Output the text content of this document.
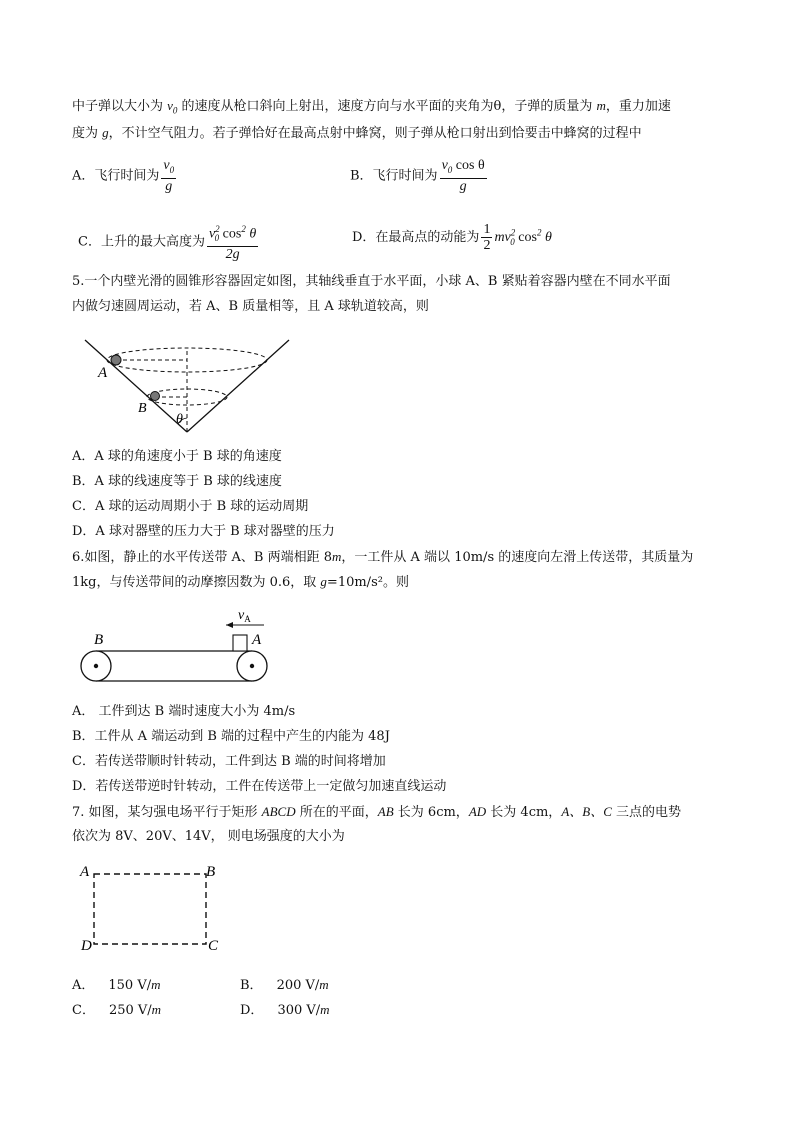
中子弹以大小为 $v_0$ 的速度从枪口斜向上射出，速度方向与水平面的夹角为θ，子弹的质量为 m，重力加速
度为 g，不计空气阻力。若子弹恰好在最高点射中蜂窝，则子弹从枪口射出到恰要击中蜂窝的过程中
A．飞行时间为 $\frac{v_0}{g}$	B．飞行时间为 $\frac{v_0 \cos \theta}{g}$
C．上升的最大高度为 $\frac{v^2_0 \cos^2 \theta}{2g}$	D．在最高点的动能为 $\frac{1}{2} mv^2_0$ $\cos^2 \theta$
5.一个内壁光滑的圆锥形容器固定如图，其轴线垂直于水平面，小球 A、B 紧贴着容器内壁在不同水平面
内做匀速圆周运动，若 A、B 质量相等，且 A 球轨道较高，则
A
B
θ
A．A 球的角速度小于 B 球的角速度
B．A 球的线速度等于 B 球的线速度
C．A 球的运动周期小于 B 球的运动周期
D．A 球对器壁的压力大于 B 球对器壁的压力
6.如图，静止的水平传送带 A、B 两端相距 8m，一工件从 A 端以 10m/s 的速度向左滑上传送带，其质量为
1kg，与传送带间的动摩擦因数为 0.6，取 g=10m/s²。则
$v_A$
B	A
A． 工件到达 B 端时速度大小为 4m/s
B．工件从 A 端运动到 B 端的过程中产生的内能为 48J
C．若传送带顺时针转动，工件到达 B 端的时间将增加
D．若传送带逆时针转动，工件在传送带上一定做匀加速直线运动
7. 如图，某匀强电场平行于矩形 ABCD 所在的平面，AB 长为 6cm，AD 长为 4cm，A、B、C 三点的电势
依次为 8V、20V、14V， 则电场强度的大小为
A	B
C
D
A． 150 V/m	B． 200 V/m
C． 250 V/m	D． 300 V/m
